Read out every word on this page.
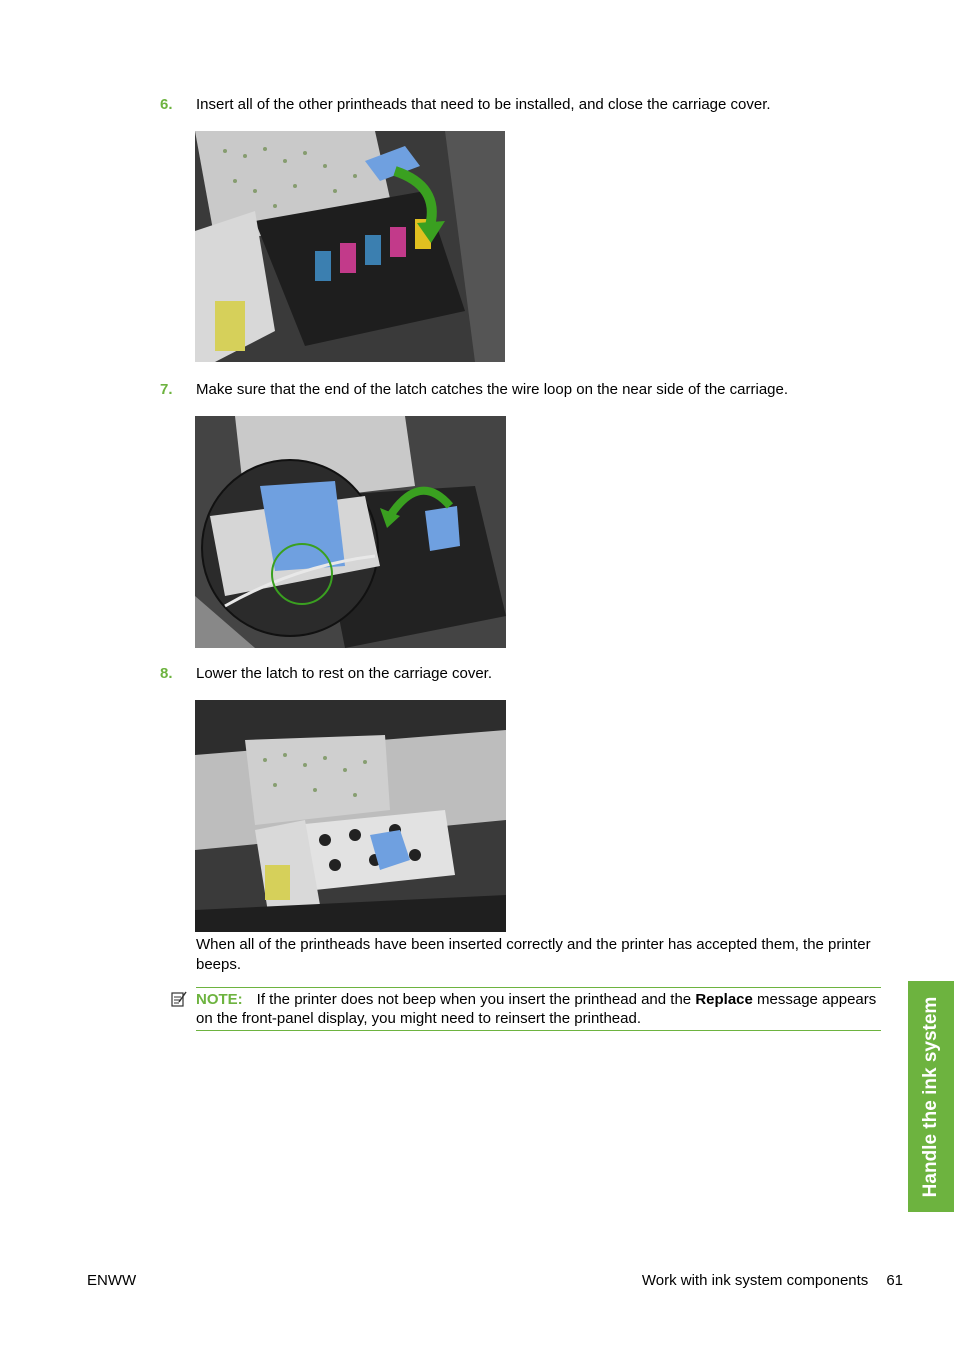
6. Insert all of the other printheads that need to be installed, and close the carriage cover.
7. Make sure that the end of the latch catches the wire loop on the near side of the carriage.
8. Lower the latch to rest on the carriage cover.
When all of the printheads have been inserted correctly and the printer has accepted them, the printer beeps.
NOTE: If the printer does not beep when you insert the printhead and the Replace message appears on the front-panel display, you might need to reinsert the printhead.	Handle the ink system
ENWW	Work with ink system components 61
